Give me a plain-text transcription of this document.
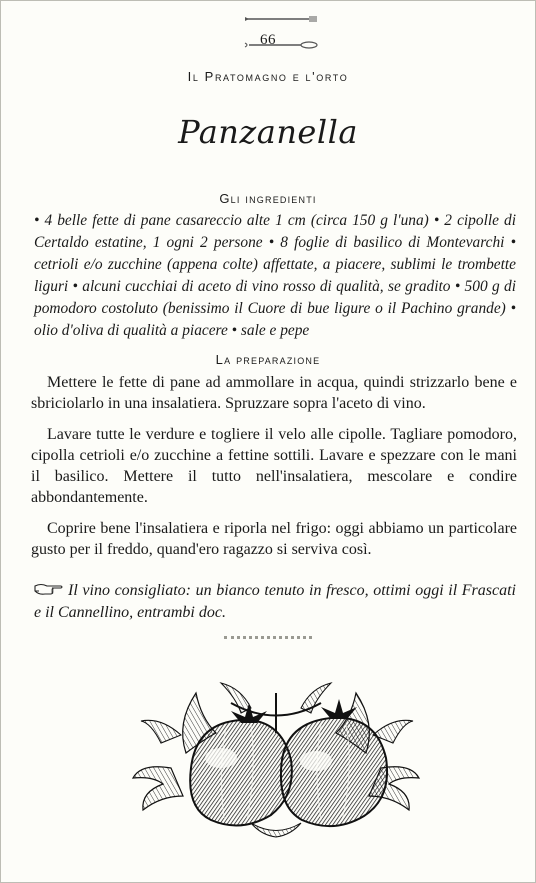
66
Il Pratomagno e l'orto
Panzanella
Gli ingredienti
• 4 belle fette di pane casareccio alte 1 cm (circa 150 g l'una) • 2 cipolle di Certaldo estatine, 1 ogni 2 persone • 8 foglie di basilico di Montevarchi • cetrioli e/o zucchine (appena colte) affettate, a piacere, sublimi le trombette liguri • alcuni cucchiai di aceto di vino rosso di qualità, se gradito • 500 g di pomodoro costoluto (benissimo il Cuore di bue ligure o il Pachino grande) • olio d'oliva di qualità a piacere • sale e pepe
La preparazione

Mettere le fette di pane ad ammollare in acqua, quindi strizzarlo bene e sbriciolarlo in una insalatiera. Spruzzare sopra l'aceto di vino.

Lavare tutte le verdure e togliere il velo alle cipolle. Tagliare pomodoro, cipolla cetrioli e/o zucchine a fettine sottili. Lavare e spezzare con le mani il basilico. Mettere il tutto nell'insalatiera, mescolare e condire abbondantemente.

Coprire bene l'insalatiera e riporla nel frigo: oggi abbiamo un particolare gusto per il freddo, quand'ero ragazzo si serviva così.

Il vino consigliato: un bianco tenuto in fresco, ottimi oggi il Frascati e il Cannellino, entrambi doc.
